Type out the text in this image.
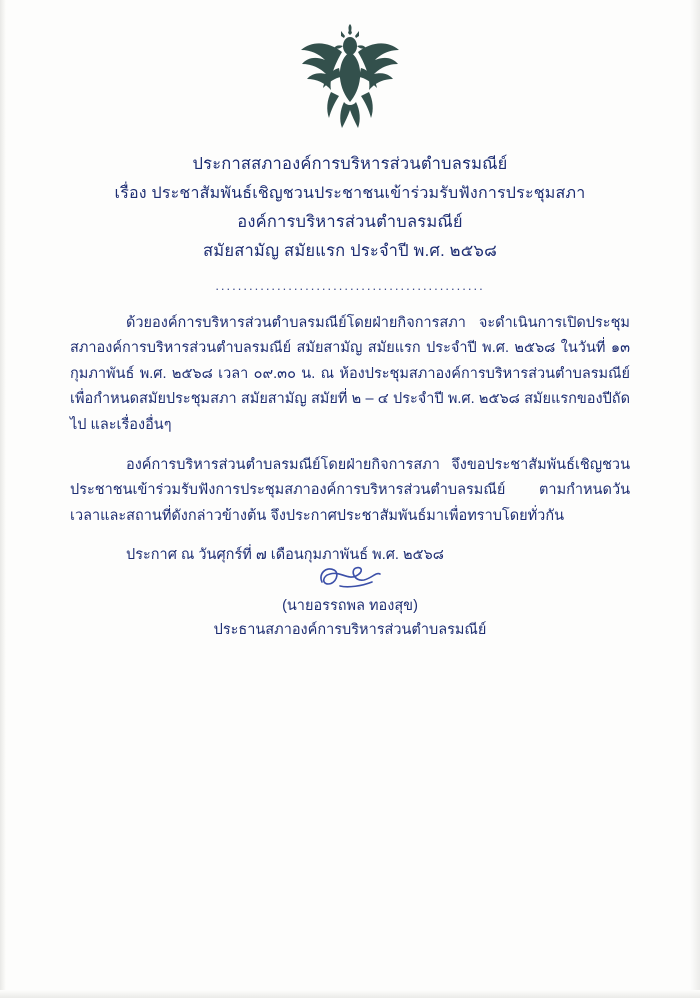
ประกาสสภาองค์การบริหารส่วนตำบลรมณีย์
เรื่อง ประชาสัมพันธ์เชิญชวนประชาชนเข้าร่วมรับฟังการประชุมสภา
องค์การบริหารส่วนตำบลรมณีย์
สมัยสามัญ สมัยแรก ประจำปี พ.ศ. ๒๕๖๘
................................................

ด้วยองค์การบริหารส่วนตำบลรมณีย์โดยฝ่ายกิจการสภา จะดำเนินการเปิดประชุมสภาองค์การบริหารส่วนตำบลรมณีย์ สมัยสามัญ สมัยแรก ประจำปี พ.ศ. ๒๕๖๘ ในวันที่ ๑๓ กุมภาพันธ์ พ.ศ. ๒๕๖๘ เวลา ๐๙.๓๐ น. ณ ห้องประชุมสภาองค์การบริหารส่วนตำบลรมณีย์ เพื่อกำหนดสมัยประชุมสภา สมัยสามัญ สมัยที่ ๒ – ๔ ประจำปี พ.ศ. ๒๕๖๘ สมัยแรกของปีถัดไป และเรื่องอื่นๆ

องค์การบริหารส่วนตำบลรมณีย์โดยฝ่ายกิจการสภา จึงขอประชาสัมพันธ์เชิญชวนประชาชนเข้าร่วมรับฟังการประชุมสภาองค์การบริหารส่วนตำบลรมณีย์ ตามกำหนดวัน เวลาและสถานที่ดังกล่าวข้างต้น จึงประกาศประชาสัมพันธ์มาเพื่อทราบโดยทั่วกัน

ประกาศ ณ วันศุกร์ที่ ๗ เดือนกุมภาพันธ์ พ.ศ. ๒๕๖๘

(นายอรรถพล ทองสุข)
ประธานสภาองค์การบริหารส่วนตำบลรมณีย์
